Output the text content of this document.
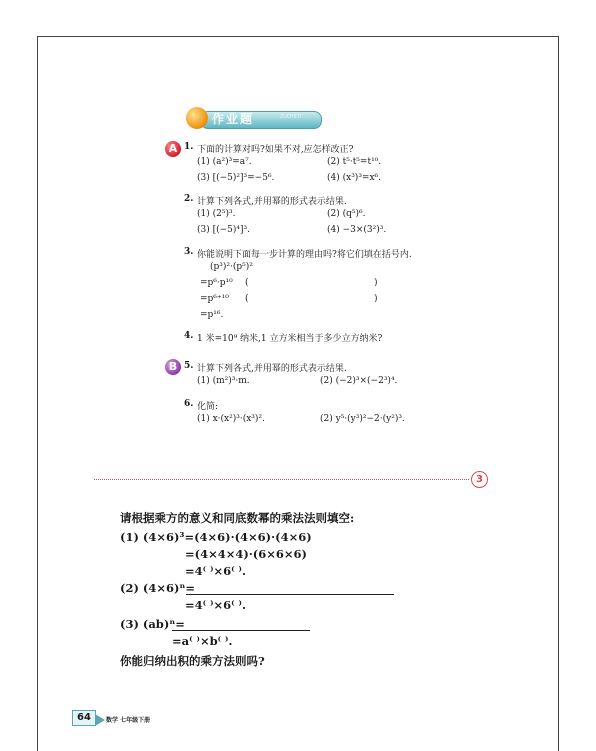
作业题	ZUOYETI
A 1. 下面的计算对吗?如果不对,应怎样改正?
(1) (a²)³=a⁷.	(2) t⁵·t⁵=t¹⁰.
(3) [(−5)²]³=−5⁶.	(4) (x³)³=x⁶.
2. 计算下列各式,并用幂的形式表示结果.
(1) (2⁵)³.	(2) (q⁵)⁶.
(3) [(−5)⁴]³.	(4) −3×(3²)³.
3. 你能说明下面每一步计算的理由吗?将它们填在括号内.
(p³)²·(p⁵)²
=p⁶·p¹⁰ (	)
=p⁶⁺¹⁰ (	)
=p¹⁶.
4. 1 米=10⁹ 纳米,1 立方米相当于多少立方纳米?
B 5. 计算下列各式,并用幂的形式表示结果.
(1) (m²)³·m.	(2) (−2)³×(−2³)⁴.
6. 化简:
(1) x·(x²)³·(x³)².	(2) y⁵·(y³)²−2·(y²)³.
3
请根据乘方的意义和同底数幂的乘法法则填空:
(1) (4×6)³=(4×6)·(4×6)·(4×6)
=(4×4×4)·(6×6×6)
=4⁽ ⁾×6⁽ ⁾.
(2) (4×6)ⁿ=
=4⁽ ⁾×6⁽ ⁾.
(3) (ab)ⁿ=
=a⁽ ⁾×b⁽ ⁾.
你能归纳出积的乘方法则吗?
64	数学 七年级下册
